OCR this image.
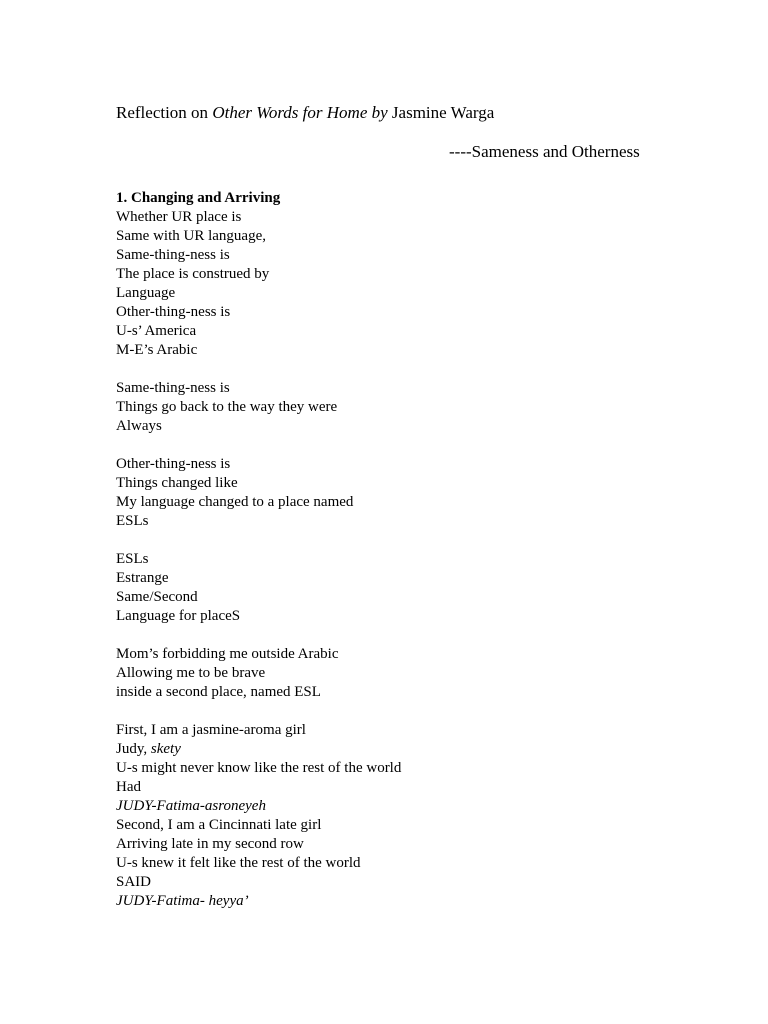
Reflection on Other Words for Home by Jasmine Warga
----Sameness and Otherness
1. Changing and Arriving
Whether UR place is
Same with UR language,
Same-thing-ness is
The place is construed by
Language
Other-thing-ness is
U-s’ America
M-E’s Arabic
Same-thing-ness is
Things go back to the way they were
Always
Other-thing-ness is
Things changed like
My language changed to a place named
ESLs
ESLs
Estrange
Same/Second
Language for placeS
Mom’s forbidding me outside Arabic
Allowing me to be brave
inside a second place, named ESL
First, I am a jasmine-aroma girl
Judy, skety
U-s might never know like the rest of the world
Had
JUDY-Fatima-asroneyeh
Second, I am a Cincinnati late girl
Arriving late in my second row
U-s knew it felt like the rest of the world
SAID
JUDY-Fatima- heyya’
